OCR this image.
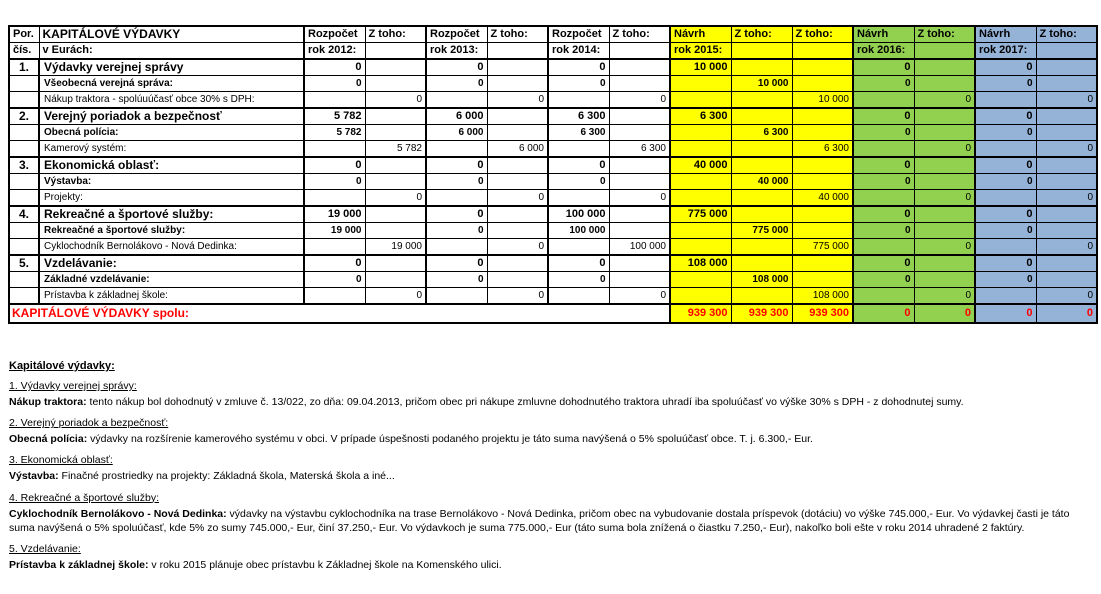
Por.	KAPITÁLOVÉ VÝDAVKY	Rozpočet	Z toho:	Rozpočet	Z toho:	Rozpočet	Z toho:	Návrh	Z toho:	Z toho:	Návrh	Z toho:	Návrh	Z toho:
čís.	v Eurách:	rok 2012:		rok 2013:		rok 2014:		rok 2015:			rok 2016:		rok 2017:	
1.	Výdavky verejnej správy	0		0		0		10 000			0		0	
	Všeobecná verejná správa:	0		0		0			10 000		0		0	
	Nákup traktora - spolúuúčasť obce 30% s DPH:		0		0		0			10 000		0		0
2.	Verejný poriadok a bezpečnosť	5 782		6 000		6 300		6 300			0		0	
	Obecná polícia:	5 782		6 000		6 300			6 300		0		0	
	Kamerový systém:		5 782		6 000		6 300			6 300		0		0
3.	Ekonomická oblasť:	0		0		0		40 000			0		0	
	Výstavba:	0		0		0			40 000		0		0	
	Projekty:		0		0		0			40 000		0		0
4.	Rekreačné a športové služby:	19 000		0		100 000		775 000			0		0	
	Rekreačné a športové služby:	19 000		0		100 000			775 000		0		0	
	Cyklochodník Bernolákovo - Nová Dedinka:		19 000		0		100 000			775 000		0		0
5.	Vzdelávanie:	0		0		0		108 000			0		0	
	Základné vzdelávanie:	0		0		0			108 000		0		0	
	Prístavba k základnej škole:		0		0		0			108 000		0		0
KAPITÁLOVÉ VÝDAVKY spolu:								939 300	939 300	939 300	0	0	0	0
Kapitálové výdavky:
1. Výdavky verejnej správy:

Nákup traktora: tento nákup bol dohodnutý v zmluve č. 13/022, zo dňa: 09.04.2013, pričom obec pri nákupe zmluvne dohodnutého traktora uhradí iba spoluúčasť vo výške 30% s DPH - z dohodnutej sumy.

2. Verejný poriadok a bezpečnosť:

Obecná polícia: výdavky na rozšírenie kamerového systému v obci. V prípade úspešnosti podaného projektu je táto suma navýšená o 5% spoluúčasť obce. T. j. 6.300,- Eur.

3. Ekonomická oblasť:

Výstavba: Finačné prostriedky na projekty: Základná škola, Materská škola a iné...

4. Rekreačné a športové služby:

Cyklochodník Bernolákovo - Nová Dedinka: výdavky na výstavbu cyklochodníka na trase Bernolákovo - Nová Dedinka, pričom obec na vybudovanie dostala príspevok (dotáciu) vo výške 745.000,- Eur. Vo výdavkej časti je táto suma navýšená o 5% spoluúčasť, kde 5% zo sumy 745.000,- Eur, činí 37.250,- Eur. Vo výdavkoch je suma 775.000,- Eur (táto suma bola znížená o čiastku 7.250,- Eur), nakoľko boli ešte v roku 2014 uhradené 2 faktúry.

5. Vzdelávanie:

Prístavba k základnej škole: v roku 2015 plánuje obec prístavbu k Základnej škole na Komenského ulici.
